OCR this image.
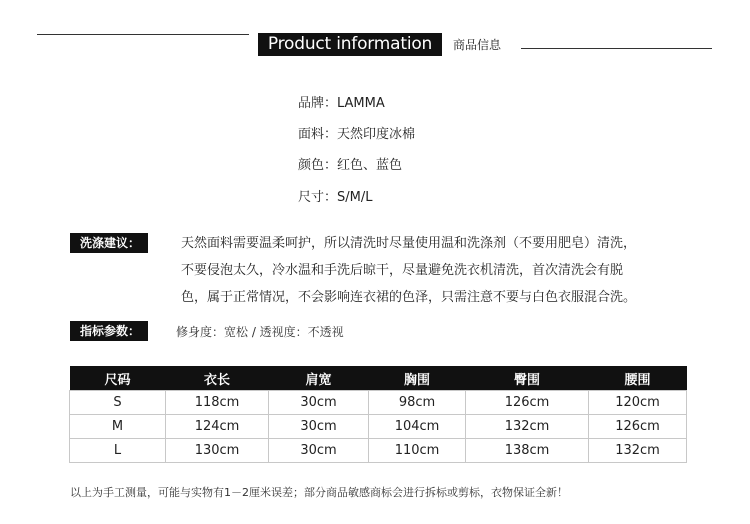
Product information	商品信息
品牌：LAMMA
面料：天然印度冰棉
颜色：红色、蓝色
尺寸：S/M/L
洗涤建议：	天然面料需要温柔呵护，所以清洗时尽量使用温和洗涤剂（不要用肥皂）清洗，
不要侵泡太久，冷水温和手洗后晾干，尽量避免洗衣机清洗，首次清洗会有脱
色，属于正常情况，不会影响连衣裙的色泽，只需注意不要与白色衣服混合洗。
指标参数：	修身度：宽松 / 透视度：不透视
尺码	衣长	肩宽	胸围	臀围	腰围
S	118cm	30cm	98cm	126cm	120cm
M	124cm	30cm	104cm	132cm	126cm
L	130cm	30cm	110cm	138cm	132cm
以上为手工测量，可能与实物有1－2厘米误差；部分商品敏感商标会进行拆标或剪标，衣物保证全新！
